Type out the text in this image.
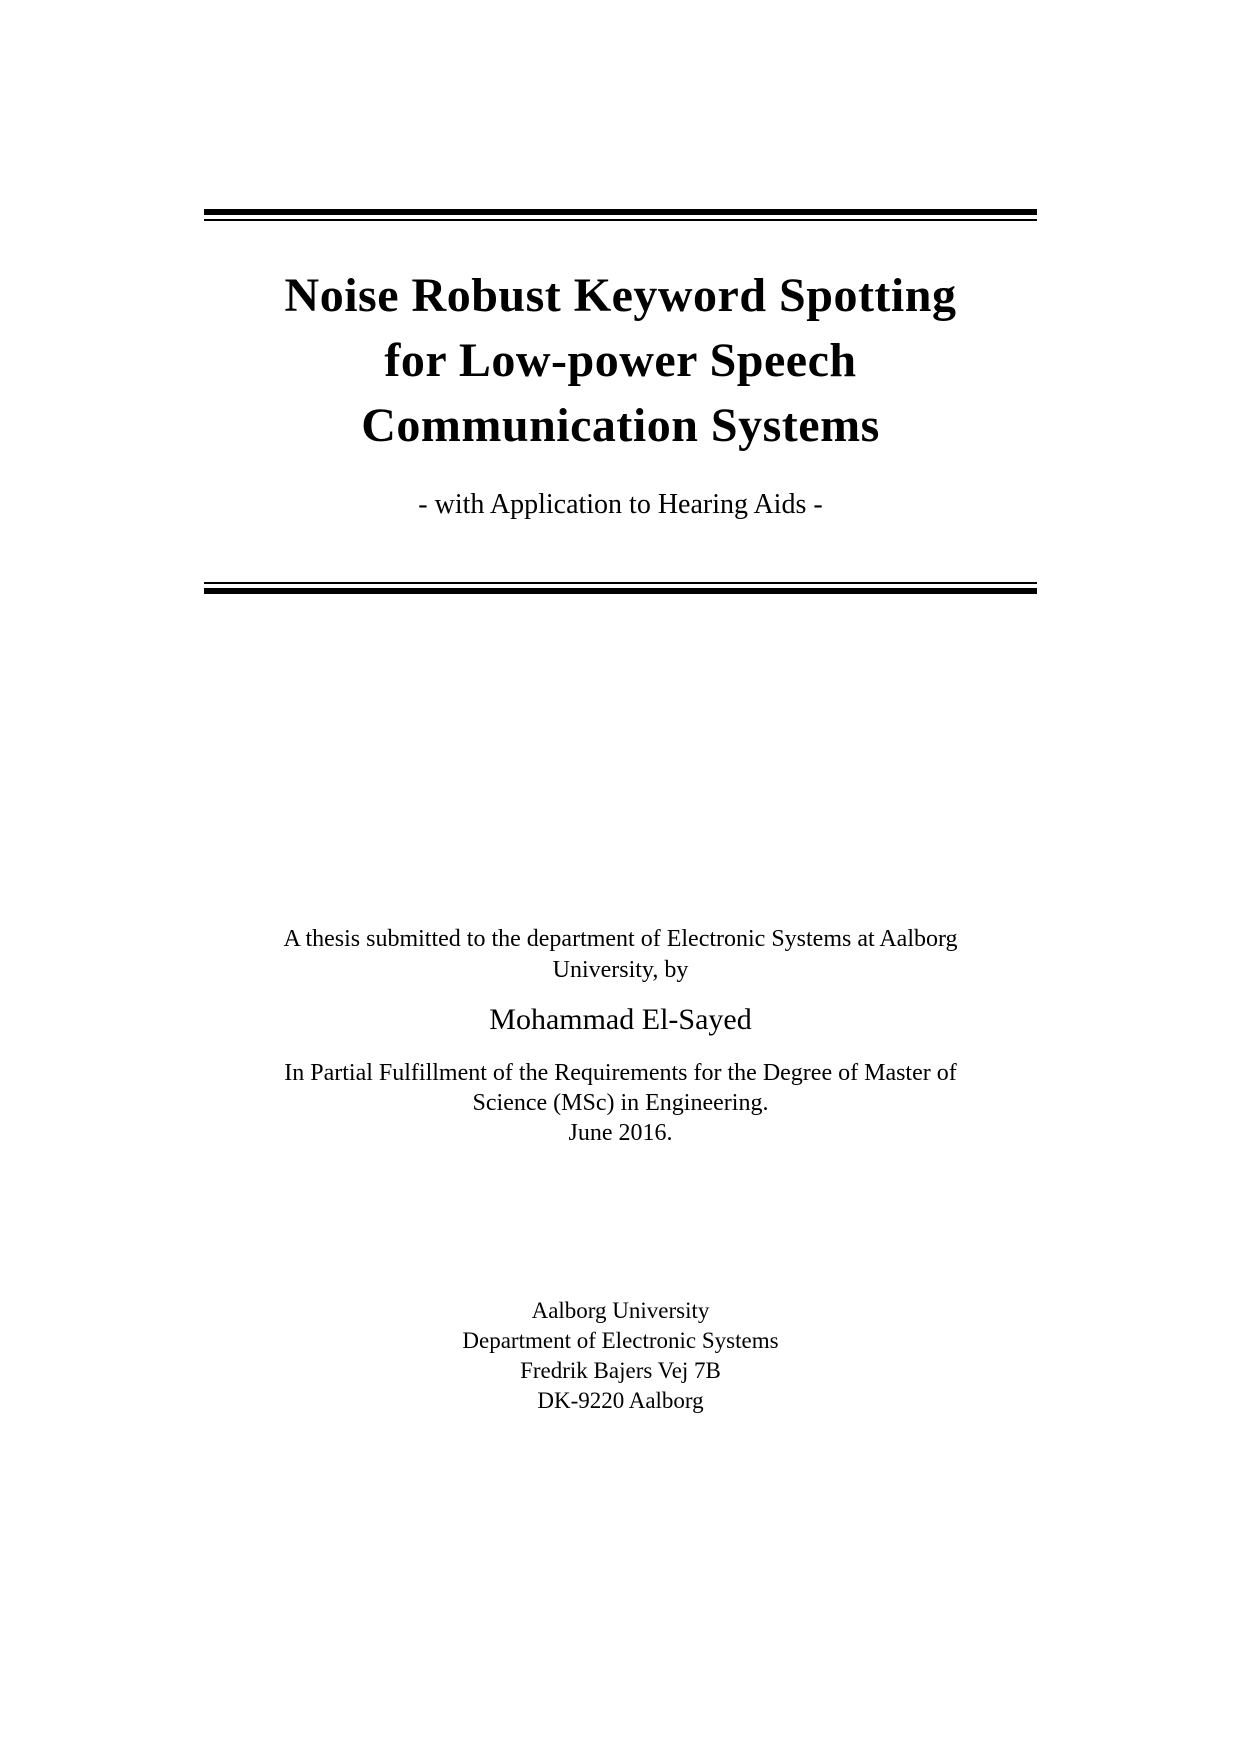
Noise Robust Keyword Spotting
for Low-power Speech
Communication Systems
- with Application to Hearing Aids -
A thesis submitted to the department of Electronic Systems at Aalborg
University, by
Mohammad El-Sayed
In Partial Fulfillment of the Requirements for the Degree of Master of
Science (MSc) in Engineering.
June 2016.
Aalborg University
Department of Electronic Systems
Fredrik Bajers Vej 7B
DK-9220 Aalborg
